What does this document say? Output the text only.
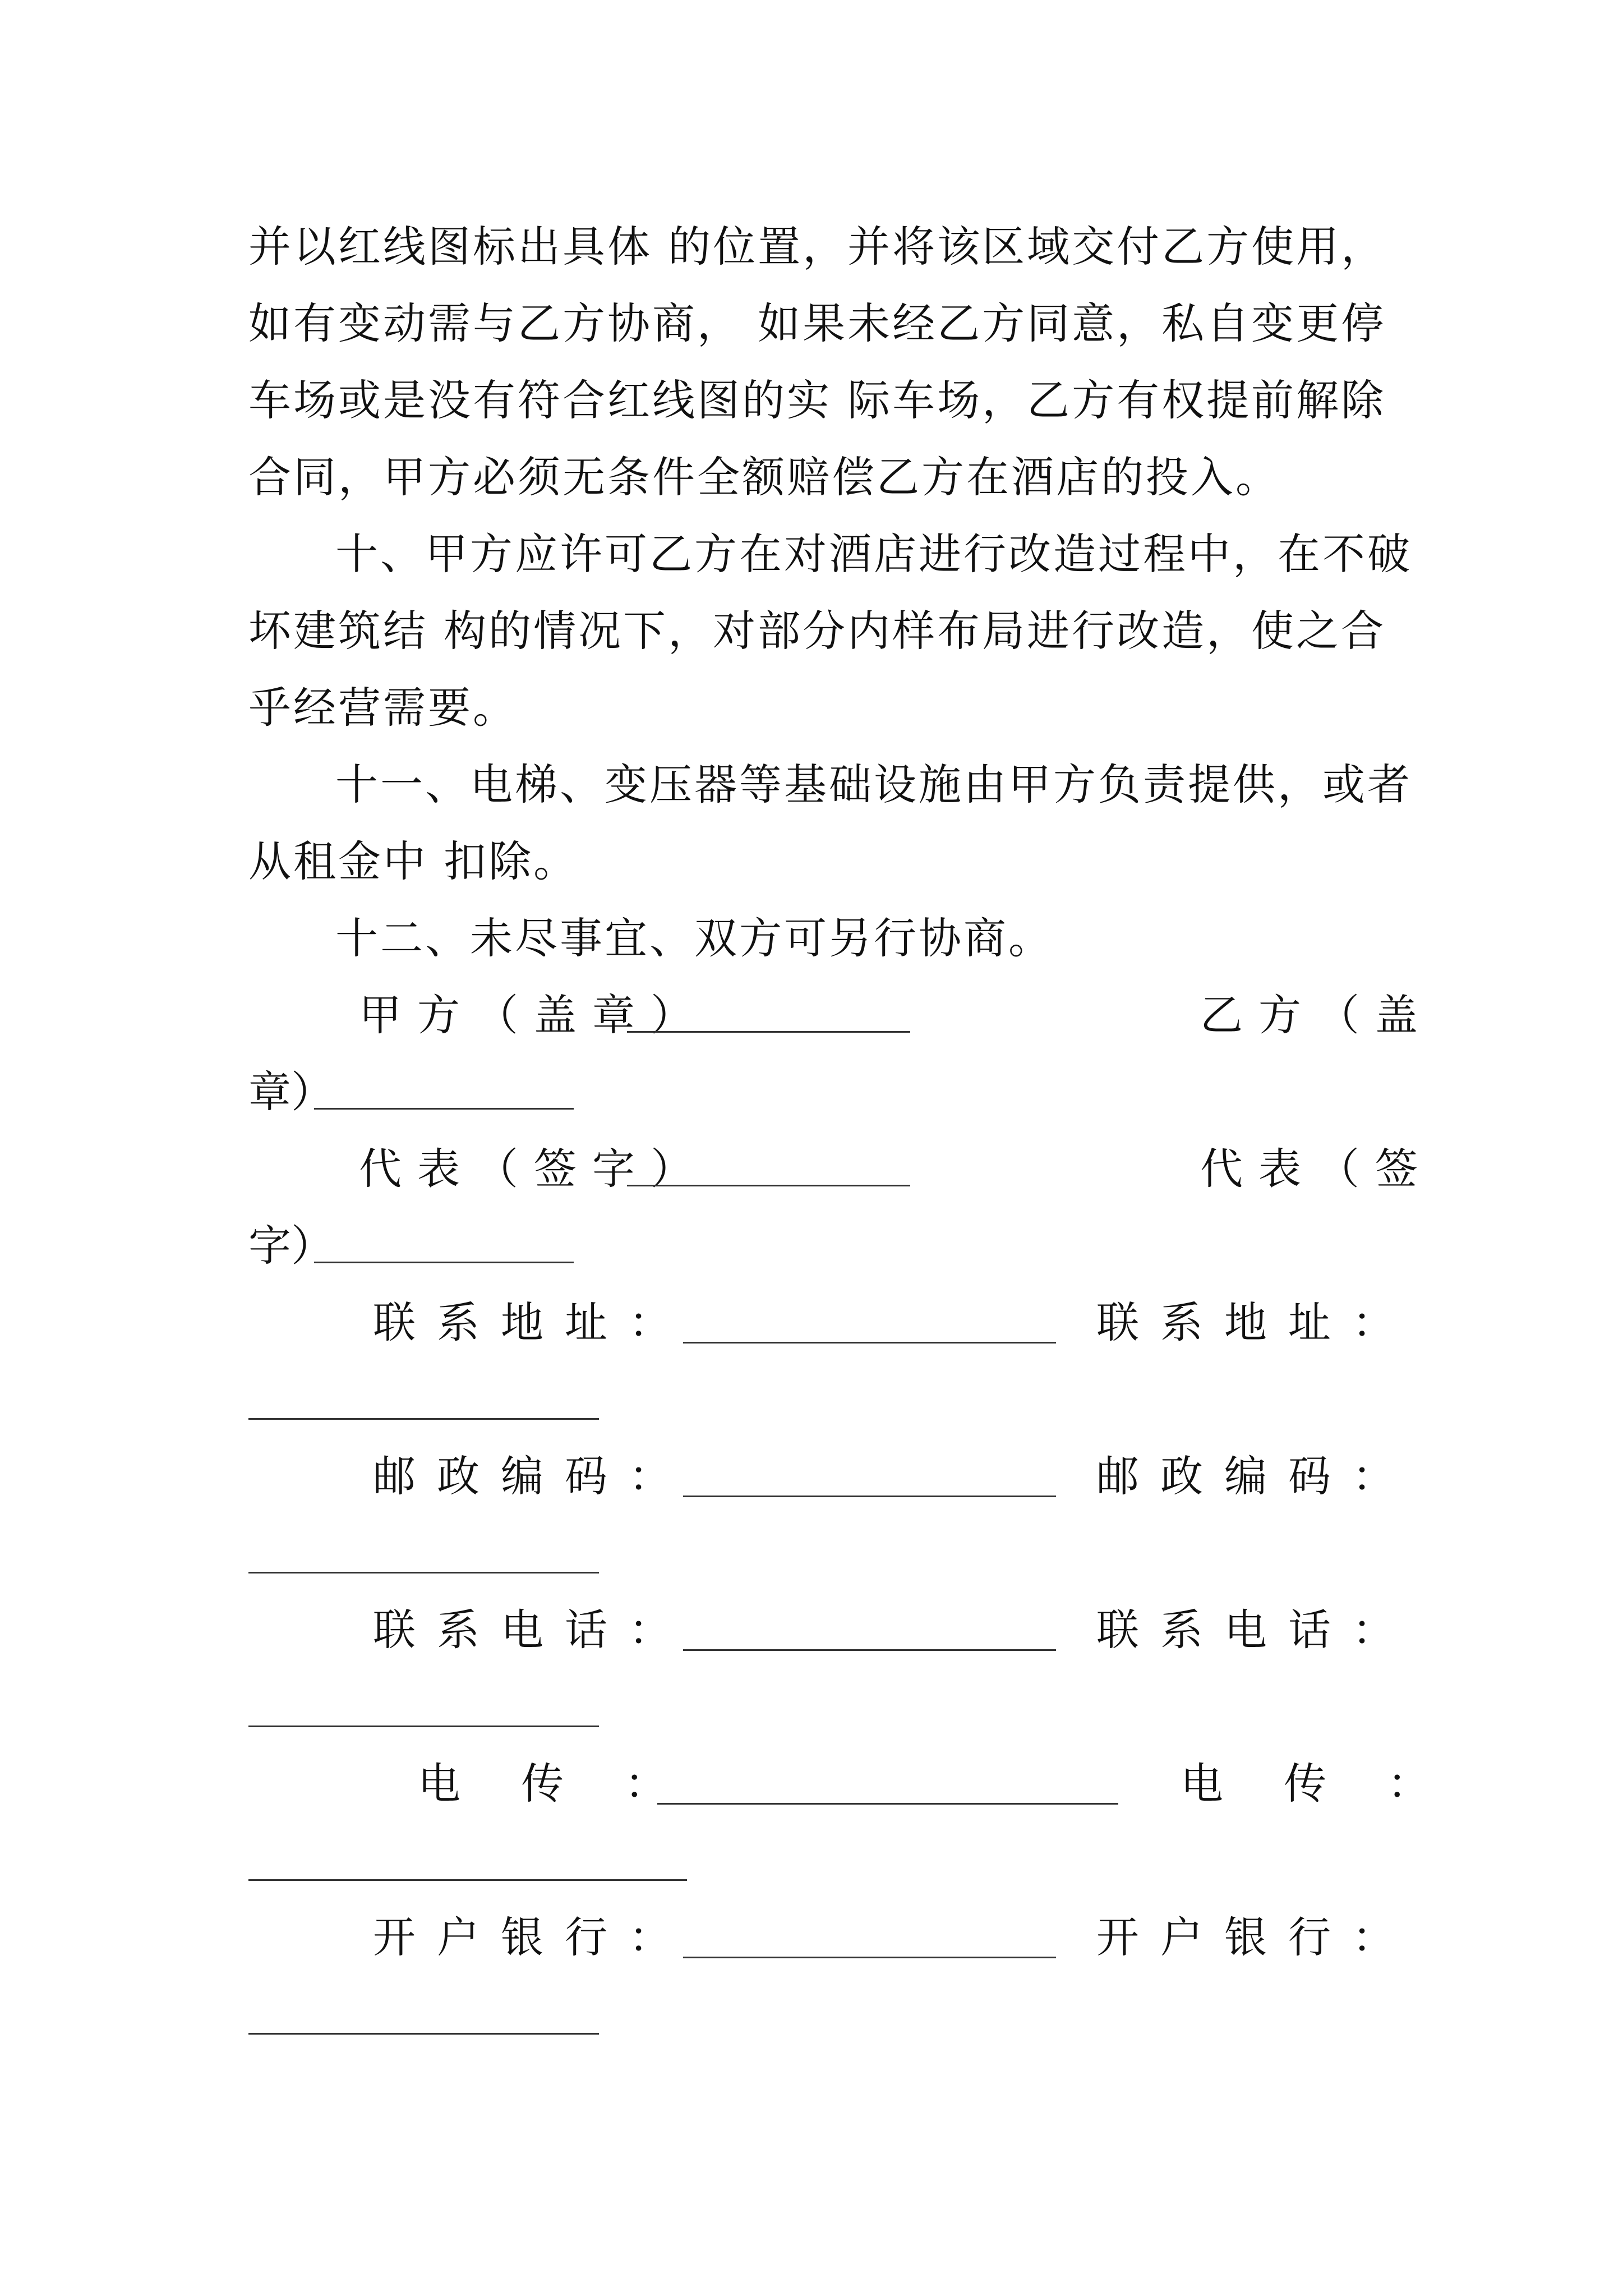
并以红线图标出具体 的位置，并将该区域交付乙方使用，
如有变动需与乙方协商， 如果未经乙方同意，私自变更停
车场或是没有符合红线图的实 际车场，乙方有权提前解除
合同，甲方必须无条件全额赔偿乙方在酒店的投入。
十、甲方应许可乙方在对酒店进行改造过程中，在不破
坏建筑结 构的情况下，对部分内样布局进行改造，使之合
乎经营需要。
十一、电梯、变压器等基础设施由甲方负责提供，或者
从租金中 扣除。
十二、未尽事宜、双方可另行协商。
甲方（盖章）	乙方（盖
章）
代表（签字）	代表（签
字）
联系地址：	联系地址：
邮政编码：	邮政编码：
联系电话：	联系电话：
电  传  ：	电  传  ：
开户银行：	开户银行：
